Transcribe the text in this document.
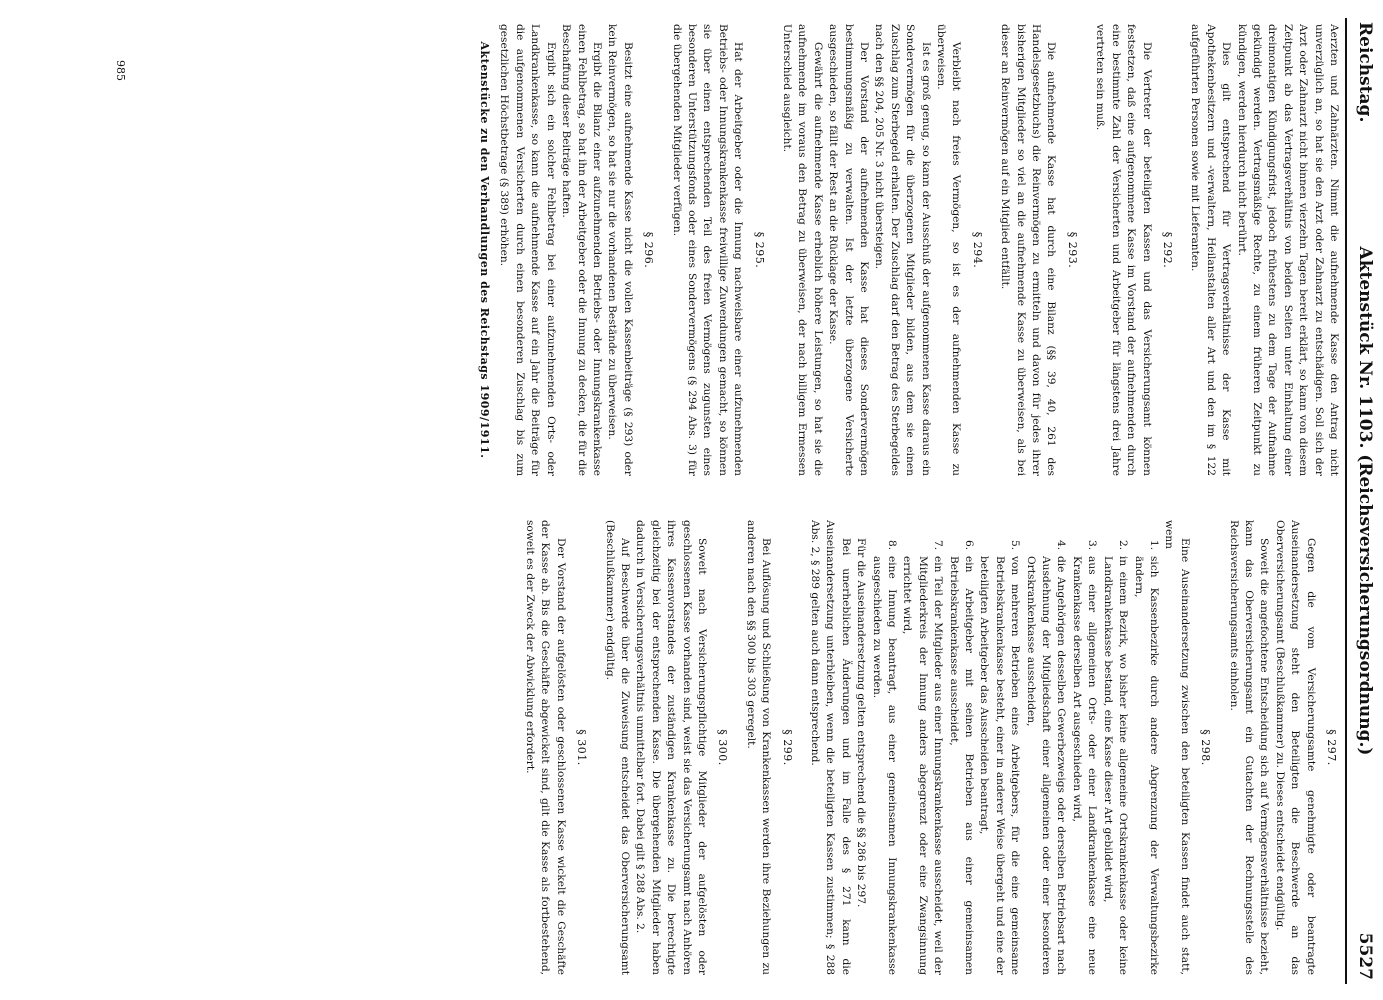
Reichstag.
Aktenstück Nr. 1103. (Reichsversicherungsordnung.)
5527

Aerzten und Zahnärzten. Nimmt die aufnehmende Kasse den Antrag nicht unverzüglich an, so hat sie den Arzt oder Zahnarzt zu entschädigen. Soll sich der Arzt oder Zahnarzt nicht binnen vierzehn Tagen bereit erklärt, so kann von diesem Zeitpunkt ab das Vertragsverhältnis von beiden Seiten unter Einhaltung einer dreimonatigen Kündigungsfrist, jedoch frühestens zu dem Tage der Aufnahme gekündigt werden. Vertragsmäßige Rechte, zu einem früheren Zeitpunkt zu kündigen, werden hierdurch nicht berührt.

Dies gilt entsprechend für Vertragsverhältnisse der Kasse mit Apothekenbesitzern und -verwaltern, Heilanstalten aller Art und den im § 122 aufgeführten Personen sowie mit Lieferanten.

§ 292.

Die Vertreter der beteiligten Kassen und das Versicherungsamt können festsetzen, daß eine aufgenommene Kasse im Vorstand der aufnehmenden durch eine bestimmte Zahl der Versicherten und Arbeitgeber für längstens drei Jahre vertreten sein muß.

§ 293.

Die aufnehmende Kasse hat durch eine Bilanz (§§ 39, 40, 261 des Handelsgesetzbuchs) die Reinvermögen zu ermitteln und davon für jedes ihrer bisherigen Mitglieder so viel an die aufnehmende Kasse zu überweisen, als bei dieser an Reinvermögen auf ein Mitglied entfällt.

§ 294.

Verbleibt nach freies Vermögen, so ist es der aufnehmenden Kasse zu überweisen.

Ist es groß genug, so kann der Ausschuß der aufgenommenen Kasse daraus ein Sondervermögen für die überzogenen Mitglieder bilden, aus dem sie einen Zuschlag zum Sterbegeld erhalten. Der Zuschlag darf den Betrag des Sterbegeldes nach den §§ 204, 205 Nr. 3 nicht übersteigen.

Der Vorstand der aufnehmenden Kasse hat dieses Sondervermögen bestimmungsmäßig zu verwalten. Ist der letzte überzogene Versicherte ausgeschieden, so fällt der Rest an die Rücklage der Kasse.

Gewährt die aufnehmende Kasse erheblich höhere Leistungen, so hat sie die aufnehmende im voraus den Betrag zu überweisen, der nach billigem Ermessen Unterschied ausgleicht.

§ 295.

Hat der Arbeitgeber oder die Innung nachweisbare einer aufzunehmenden Betriebs- oder Innungskrankenkasse freiwillige Zuwendungen gemacht, so können sie über einen entsprechenden Teil des freien Vermögens zugunsten eines besonderen Unterstützungsfonds oder eines Sondervermögens (§ 294 Abs. 3) für die übergehenden Mitglieder verfügen.

§ 296.

Besitzt eine aufnehmende Kasse nicht die vollen Kassenbeiträge (§ 293) oder kein Reinvermögen, so hat sie nur die vorhandenen Bestände zu überweisen.

Ergibt die Bilanz einer aufzunehmenden Betriebs- oder Innungskrankenkasse einen Fehlbetrag, so hat ihn der Arbeitgeber oder die Innung zu decken, die für die Beschaffung dieser Beiträge haften.

Ergibt sich ein solcher Fehlbetrag bei einer aufzunehmenden Orts- oder Landkrankenkasse, so kann die aufnehmende Kasse auf ein Jahr die Beiträge für die aufgenommenen Versicherten durch einen besonderen Zuschlag bis zum gesetzlichen Höchstbetrage (§ 389) erhöhen.

Aktenstücke zu den Verhandlungen des Reichstags 1909/1911.
§ 297.

Gegen die vom Versicherungsamte genehmigte oder beantragte Auseinandersetzung steht den Beteiligten die Beschwerde an das Oberversicherungsamt (Beschlußkammer) zu. Dieses entscheidet endgültig.

Soweit die angefochtene Entscheidung sich auf Vermögensverhältnisse bezieht, kann das Oberversicherungsamt ein Gutachten der Rechnungsstelle des Reichsversicherungsamts einholen.

§ 298.

Eine Auseinandersetzung zwischen den beteiligten Kassen findet auch statt, wenn

1.sich Kassenbezirke durch andere Abgrenzung der Verwaltungsbezirke ändern,
2.in einem Bezirk, wo bisher keine allgemeine Ortskrankenkasse oder keine Landkrankenkasse bestand, eine Kasse dieser Art gebildet wird,
3.aus einer allgemeinen Orts- oder einer Landkrankenkasse eine neue Krankenkasse derselben Art ausgeschieden wird,
4.die Angehörigen desselben Gewerbezweigs oder derselben Betriebsart nach Ausdehnung der Mitgliedschaft einer allgemeinen oder einer besonderen Ortskrankenkasse ausscheiden,
5.von mehreren Betrieben eines Arbeitgebers, für die eine gemeinsame Betriebskrankenkasse besteht, einer in anderer Weise übergeht und eine der beteiligten Arbeitgeber das Ausscheiden beantragt,
6.ein Arbeitgeber mit seinen Betrieben aus einer gemeinsamen Betriebskrankenkasse ausscheidet,
7.ein Teil der Mitglieder aus einer Innungskrankenkasse ausscheidet, weil der Mitgliederkreis der Innung anders abgegrenzt oder eine Zwangsinnung errichtet wird,
8.eine Innung beantragt, aus einer gemeinsamen Innungskrankenkasse ausgeschieden zu werden.

Für die Auseinandersetzung gelten entsprechend die §§ 286 bis 297.

Bei unerheblichen Änderungen und im Falle des § 271 kann die Auseinandersetzung unterbleiben, wenn die beteiligten Kassen zustimmen; § 288 Abs. 2, § 289 gelten auch dann entsprechend.

§ 299.

Bei Auflösung und Schließung von Krankenkassen werden ihre Beziehungen zu anderen nach den §§ 300 bis 303 geregelt.

§ 300.

Soweit nach Versicherungspflichtige Mitglieder der aufgelösten oder geschlossenen Kasse vorhanden sind, weist sie das Versicherungsamt nach Anhören ihres Kassenvorstandes der zuständigen Krankenkasse zu. Die berechtigte gleichzeitig bei der entsprechenden Kasse. Die übergehenden Mitglieder haben dadurch in Versicherungsverhältnis unmittelbar fort. Dabei gilt § 288 Abs. 2.

Auf Beschwerde über die Zuweisung entscheidet das Oberversicherungsamt (Beschlußkammer) endgültig.

§ 301.

Der Vorstand der aufgelösten oder geschlossenen Kasse wickelt die Geschäfte der Kasse ab. Bis die Geschäfte abgewickelt sind, gilt die Kasse als fortbestehend, soweit es der Zweck der Abwicklung erfordert.

985
